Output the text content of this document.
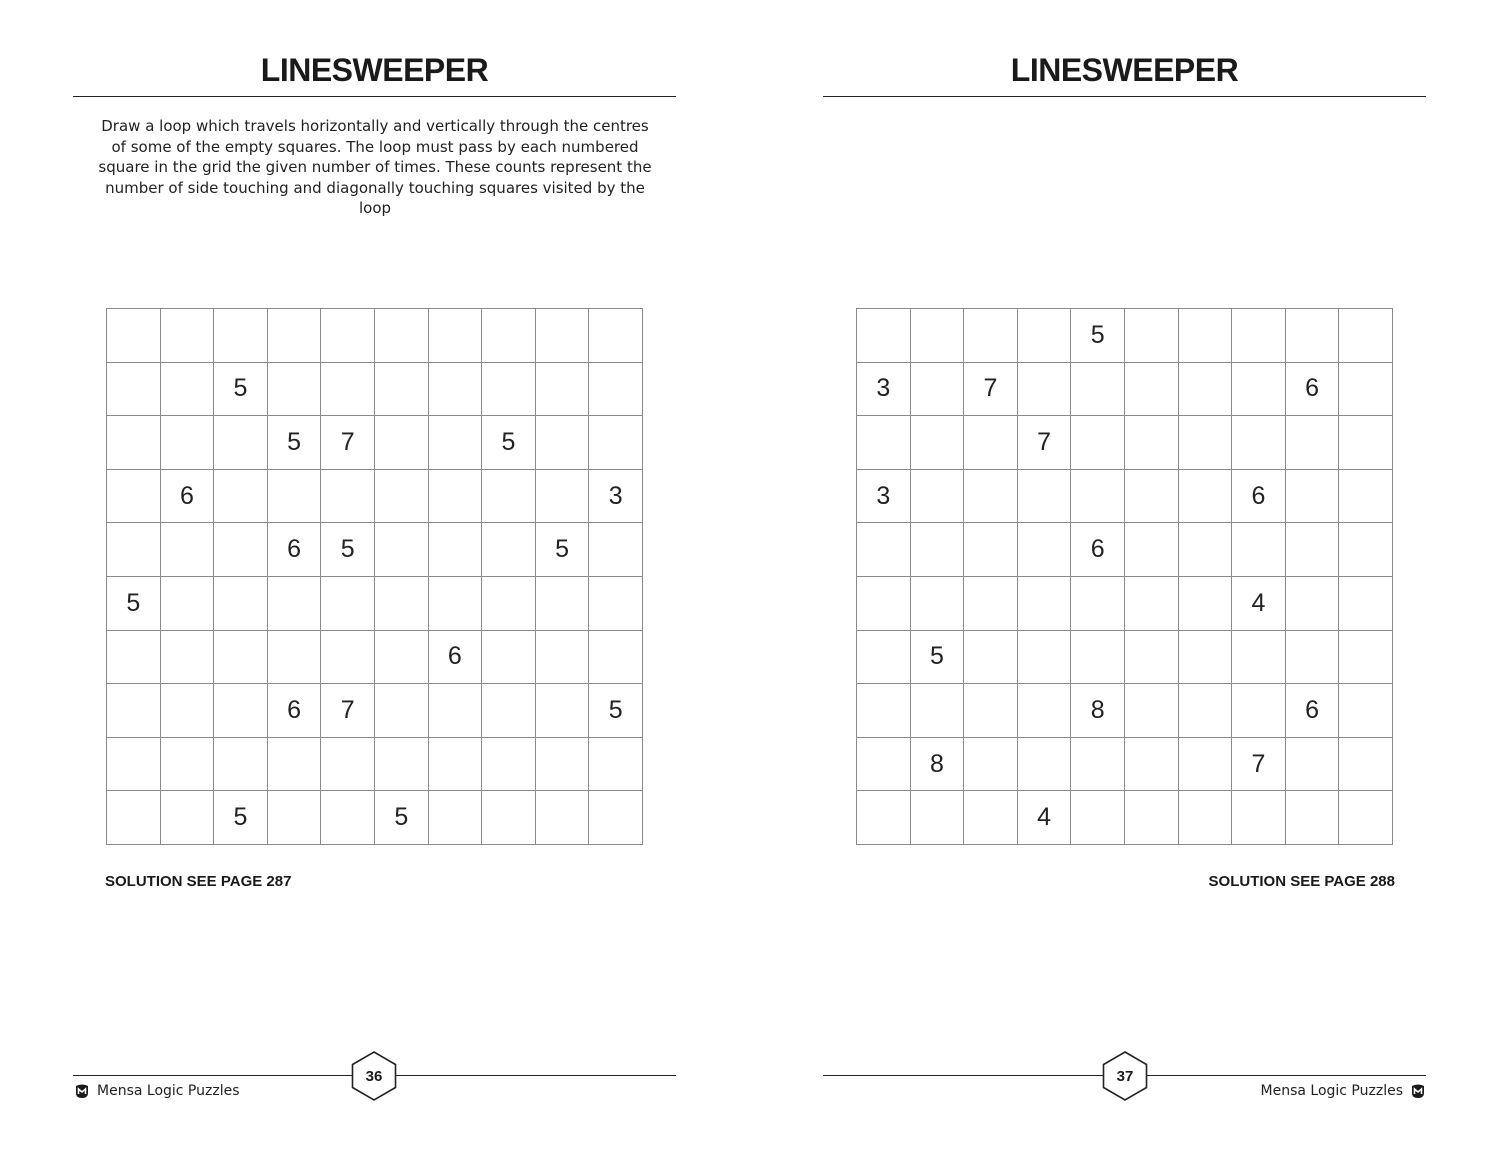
LINESWEEPER
Draw a loop which travels horizontally and vertically through the centres of some of the empty squares. The loop must pass by each numbered square in the grid the given number of times. These counts represent the number of side touching and diagonally touching squares visited by the loop
5
5	7	5
6	3
6	5	5
5
6
6	7	5
5	5
SOLUTION SEE PAGE 287
36
Mensa Logic Puzzles
LINESWEEPER
5
3	7	6
7
3	6
6
4
5
8	6
8	7
4
SOLUTION SEE PAGE 288
37
Mensa Logic Puzzles
